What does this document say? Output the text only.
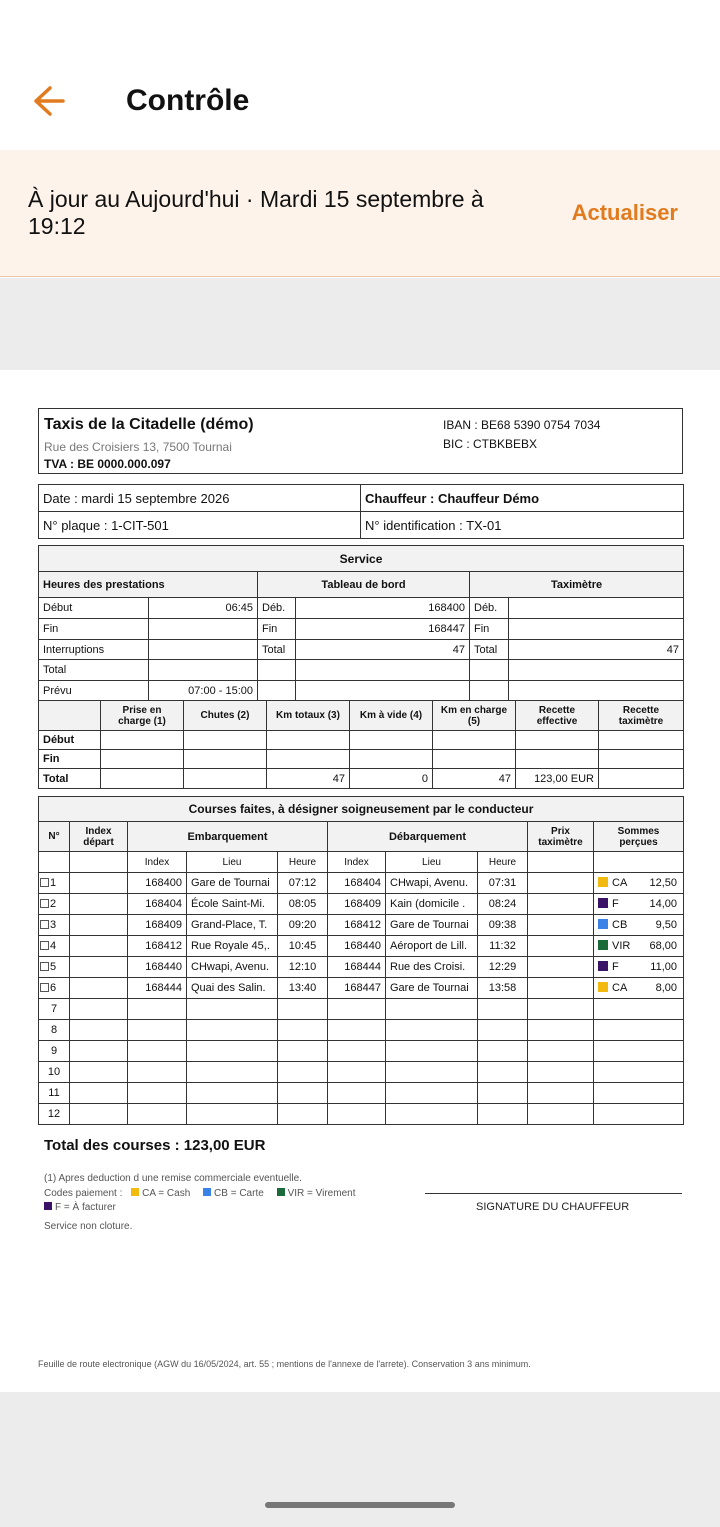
Contrôle
À jour au Aujourd'hui · Mardi 15 septembre à 19:12
Actualiser
Taxis de la Citadelle (démo)
Rue des Croisiers 13, 7500 Tournai
TVA : BE 0000.000.097
IBAN : BE68 5390 0754 7034
BIC : CTBKBEBX
Date : mardi 15 septembre 2026	Chauffeur : Chauffeur Démo
N° plaque : 1-CIT-501	N° identification : TX-01
Service					
Heures des prestations		Tableau de bord		Taximètre	
Début	06:45	Déb.	168400	Déb.	
Fin		Fin	168447	Fin	
Interruptions		Total	47	Total	47
Total					
Prévu	07:00 - 15:00				
	Prise en charge (1)	Chutes (2)	Km totaux (3)	Km à vide (4)	Km en charge (5)	Recette effective	Recette taximètre
Début							
Fin							
Total			47	0	47	123,00 EUR	
Courses faites, à désigner soigneusement par le conducteur									
N°	Index départ	Embarquement			Débarquement			Prix taximètre	Sommes perçues
		Index	Lieu	Heure	Index	Lieu	Heure		
1		168400	Gare de Tournai	07:12	168404	CHwapi, Avenu.	07:31		CA 12,50

2		168404	École Saint-Mi.	08:05	168409	Kain (domicile .	08:24		F 14,00

3		168409	Grand-Place, T.	09:20	168412	Gare de Tournai	09:38		CB 9,50

4		168412	Rue Royale 45,.	10:45	168440	Aéroport de Lill.	11:32		VIR 68,00

5		168440	CHwapi, Avenu.	12:10	168444	Rue des Croisi.	12:29		F 11,00

6		168444	Quai des Salin.	13:40	168447	Gare de Tournai	13:58		CA 8,00

7									
8									
9									
10									
11									
12									
Total des courses : 123,00 EUR
(1) Apres deduction d une remise commerciale eventuelle.
Codes paiement : CA = Cash CB = Carte VIR = Virement
F = À facturer
Service non cloture.
SIGNATURE DU CHAUFFEUR
Feuille de route electronique (AGW du 16/05/2024, art. 55 ; mentions de l'annexe de l'arrete). Conservation 3 ans minimum.
